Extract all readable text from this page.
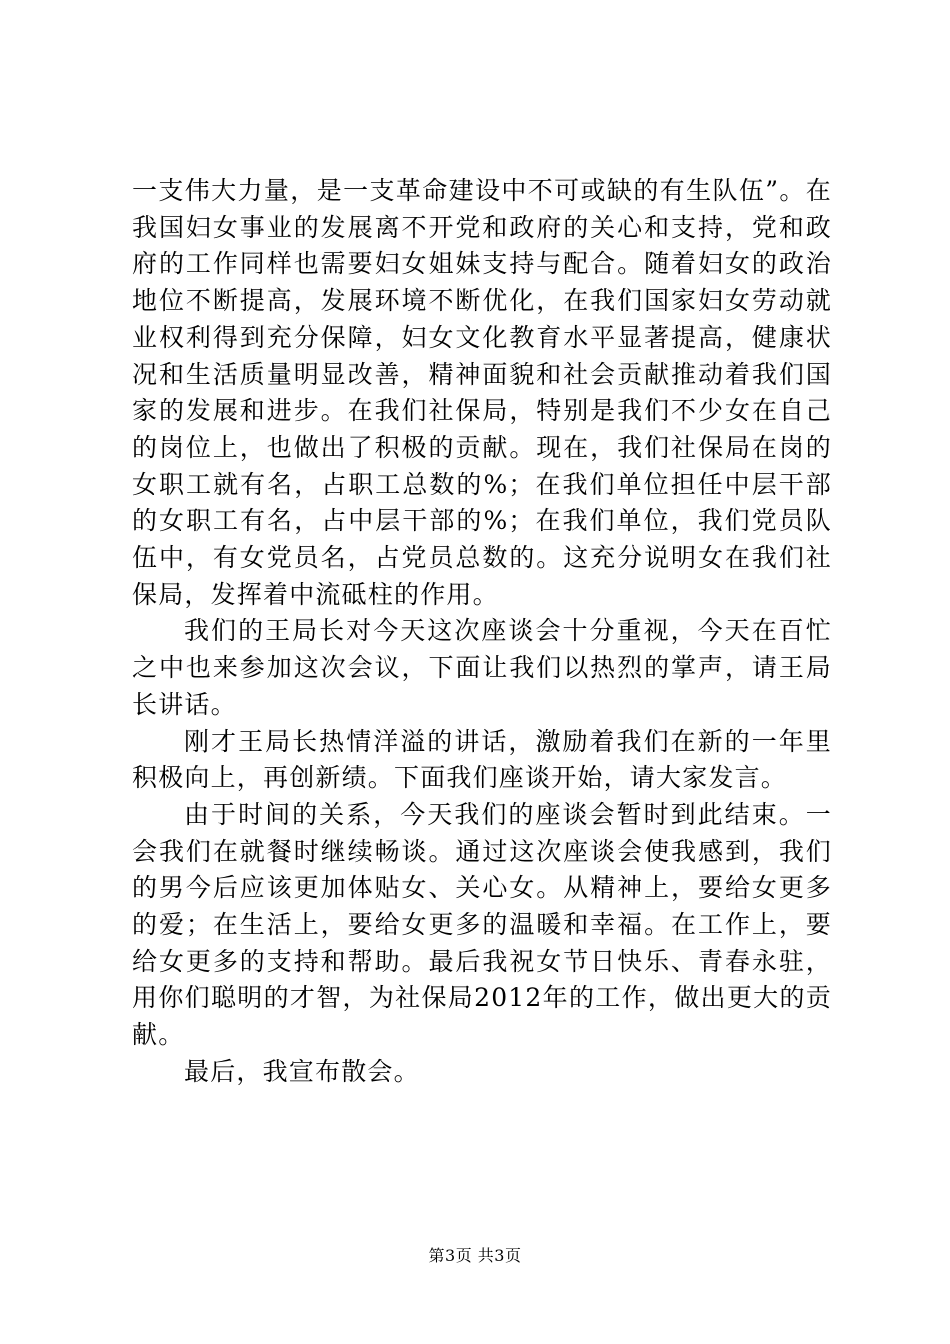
一支伟大力量，是一支革命建设中不可或缺的有生队伍”。在我国妇女事业的发展离不开党和政府的关心和支持，党和政府的工作同样也需要妇女姐妹支持与配合。随着妇女的政治地位不断提高，发展环境不断优化，在我们国家妇女劳动就业权利得到充分保障，妇女文化教育水平显著提高，健康状况和生活质量明显改善，精神面貌和社会贡献推动着我们国家的发展和进步。在我们社保局，特别是我们不少女在自己的岗位上，也做出了积极的贡献。现在，我们社保局在岗的女职工就有名，占职工总数的%；在我们单位担任中层干部的女职工有名，占中层干部的%；在我们单位，我们党员队伍中，有女党员名，占党员总数的。这充分说明女在我们社保局，发挥着中流砥柱的作用。

我们的王局长对今天这次座谈会十分重视，今天在百忙之中也来参加这次会议，下面让我们以热烈的掌声，请王局长讲话。

刚才王局长热情洋溢的讲话，激励着我们在新的一年里积极向上，再创新绩。下面我们座谈开始，请大家发言。

由于时间的关系，今天我们的座谈会暂时到此结束。一会我们在就餐时继续畅谈。通过这次座谈会使我感到，我们的男今后应该更加体贴女、关心女。从精神上，要给女更多的爱；在生活上，要给女更多的温暖和幸福。在工作上，要给女更多的支持和帮助。最后我祝女节日快乐、青春永驻，用你们聪明的才智，为社保局2012年的工作，做出更大的贡献。

最后，我宣布散会。

第3页 共3页
